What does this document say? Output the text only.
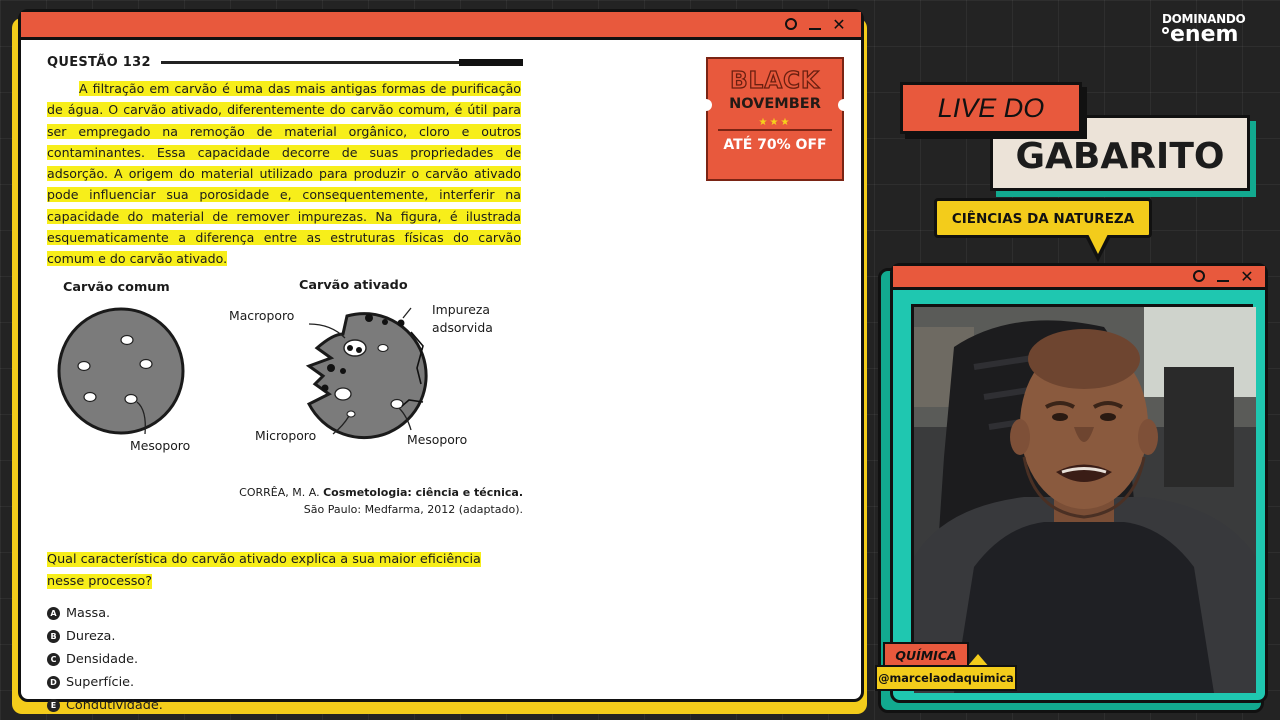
✕
QUESTÃO 132
A filtração em carvão é uma das mais antigas formas de purificação de água. O carvão ativado, diferentemente do carvão comum, é útil para ser empregado na remoção de material orgânico, cloro e outros contaminantes. Essa capacidade decorre de suas propriedades de adsorção. A origem do material utilizado para produzir o carvão ativado pode influenciar sua porosidade e, consequentemente, interferir na capacidade do material de remover impurezas. Na figura, é ilustrada esquematicamente a diferença entre as estruturas físicas do carvão comum e do carvão ativado.
Carvão comum	Carvão ativado
Macroporo	Impureza
adsorvida
Mesoporo
Microporo	Mesoporo
CORRÊA, M. A. Cosmetologia: ciência e técnica.
São Paulo: Medfarma, 2012 (adaptado).
Qual característica do carvão ativado explica a sua maior eficiência nesse processo?
A Massa.
B Dureza.
C Densidade.
D Superfície.
E Condutividade.
BLACK
NOVEMBER
★★★
ATÉ 70% OFF
DOMINANDO
enem
GABARITO
LIVE DO
CIÊNCIAS DA NATUREZA
✕
QUÍMICA
@marcelaodaquimica
